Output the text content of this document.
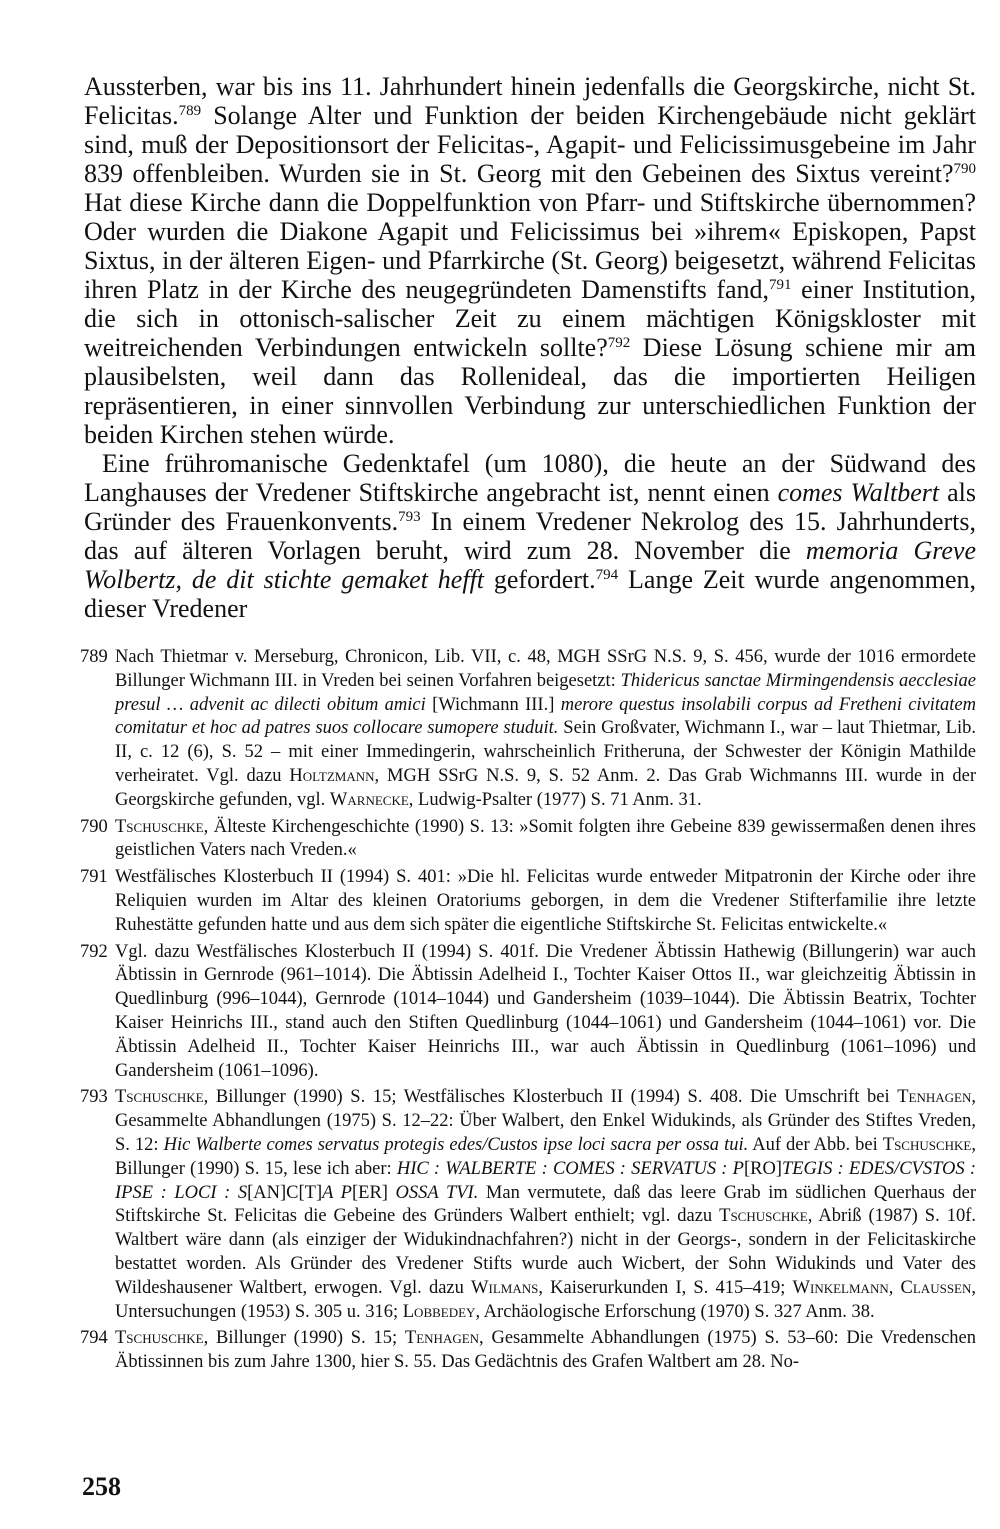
Aussterben, war bis ins 11. Jahrhundert hinein jedenfalls die Georgskirche, nicht St. Felicitas.$^{789}$ Solange Alter und Funktion der beiden Kirchengebäude nicht geklärt sind, muß der Depositionsort der Felicitas-, Agapit- und Felicissimusgebeine im Jahr 839 offenbleiben. Wurden sie in St. Georg mit den Gebeinen des Sixtus vereint?$^{790}$ Hat diese Kirche dann die Doppelfunktion von Pfarr- und Stiftskirche übernommen? Oder wurden die Diakone Agapit und Felicissimus bei »ihrem« Episkopen, Papst Sixtus, in der älteren Eigen- und Pfarrkirche (St. Georg) beigesetzt, während Felicitas ihren Platz in der Kirche des neugegründeten Damenstifts fand,$^{791}$ einer Institution, die sich in ottonisch-salischer Zeit zu einem mächtigen Königskloster mit weitreichenden Verbindungen entwickeln sollte?$^{792}$ Diese Lösung schiene mir am plausibelsten, weil dann das Rollenideal, das die importierten Heiligen repräsentieren, in einer sinnvollen Verbindung zur unterschiedlichen Funktion der beiden Kirchen stehen würde.

Eine frühromanische Gedenktafel (um 1080), die heute an der Südwand des Langhauses der Vredener Stiftskirche angebracht ist, nennt einen comes Waltbert als Gründer des Frauenkonvents.$^{793}$ In einem Vredener Nekrolog des 15. Jahrhunderts, das auf älteren Vorlagen beruht, wird zum 28. November die memoria Greve Wolbertz, de dit stichte gemaket hefft gefordert.$^{794}$ Lange Zeit wurde angenommen, dieser Vredener

789 Nach Thietmar v. Merseburg, Chronicon, Lib. VII, c. 48, MGH SSrG N.S. 9, S. 456, wurde der 1016 ermordete Billunger Wichmann III. in Vreden bei seinen Vorfahren beigesetzt: Thidericus sanctae Mirmingendensis aecclesiae presul … advenit ac dilecti obitum amici [Wichmann III.] merore questus insolabili corpus ad Fretheni civitatem comitatur et hoc ad patres suos collocare sumopere studuit. Sein Großvater, Wichmann I., war – laut Thietmar, Lib. II, c. 12 (6), S. 52 – mit einer Immedingerin, wahrscheinlich Fritheruna, der Schwester der Königin Mathilde verheiratet. Vgl. dazu Holtzmann, MGH SSrG N.S. 9, S. 52 Anm. 2. Das Grab Wichmanns III. wurde in der Georgskirche gefunden, vgl. Warnecke, Ludwig-Psalter (1977) S. 71 Anm. 31.
790 Tschuschke, Älteste Kirchengeschichte (1990) S. 13: »Somit folgten ihre Gebeine 839 gewissermaßen denen ihres geistlichen Vaters nach Vreden.«
791 Westfälisches Klosterbuch II (1994) S. 401: »Die hl. Felicitas wurde entweder Mitpatronin der Kirche oder ihre Reliquien wurden im Altar des kleinen Oratoriums geborgen, in dem die Vredener Stifterfamilie ihre letzte Ruhestätte gefunden hatte und aus dem sich später die eigentliche Stiftskirche St. Felicitas entwickelte.«
792 Vgl. dazu Westfälisches Klosterbuch II (1994) S. 401f. Die Vredener Äbtissin Hathewig (Billungerin) war auch Äbtissin in Gernrode (961–1014). Die Äbtissin Adelheid I., Tochter Kaiser Ottos II., war gleichzeitig Äbtissin in Quedlinburg (996–1044), Gernrode (1014–1044) und Gandersheim (1039–1044). Die Äbtissin Beatrix, Tochter Kaiser Heinrichs III., stand auch den Stiften Quedlinburg (1044–1061) und Gandersheim (1044–1061) vor. Die Äbtissin Adelheid II., Tochter Kaiser Heinrichs III., war auch Äbtissin in Quedlinburg (1061–1096) und Gandersheim (1061–1096).
793 Tschuschke, Billunger (1990) S. 15; Westfälisches Klosterbuch II (1994) S. 408. Die Umschrift bei Tenhagen, Gesammelte Abhandlungen (1975) S. 12–22: Über Walbert, den Enkel Widukinds, als Gründer des Stiftes Vreden, S. 12: Hic Walberte comes servatus protegis edes/Custos ipse loci sacra per ossa tui. Auf der Abb. bei Tschuschke, Billunger (1990) S. 15, lese ich aber: HIC : WALBERTE : COMES : SERVATUS : P[RO]TEGIS : EDES/CVSTOS : IPSE : LOCI : S[AN]C[T]A P[ER] OSSA TVI. Man vermutete, daß das leere Grab im südlichen Querhaus der Stiftskirche St. Felicitas die Gebeine des Gründers Walbert enthielt; vgl. dazu Tschuschke, Abriß (1987) S. 10f. Waltbert wäre dann (als einziger der Widukindnachfahren?) nicht in der Georgs-, sondern in der Felicitaskirche bestattet worden. Als Gründer des Vredener Stifts wurde auch Wicbert, der Sohn Widukinds und Vater des Wildeshausener Waltbert, erwogen. Vgl. dazu Wilmans, Kaiserurkunden I, S. 415–419; Winkelmann, Claussen, Untersuchungen (1953) S. 305 u. 316; Lobbedey, Archäologische Erforschung (1970) S. 327 Anm. 38.
794 Tschuschke, Billunger (1990) S. 15; Tenhagen, Gesammelte Abhandlungen (1975) S. 53–60: Die Vredenschen Äbtissinnen bis zum Jahre 1300, hier S. 55. Das Gedächtnis des Grafen Waltbert am 28. No-
258
